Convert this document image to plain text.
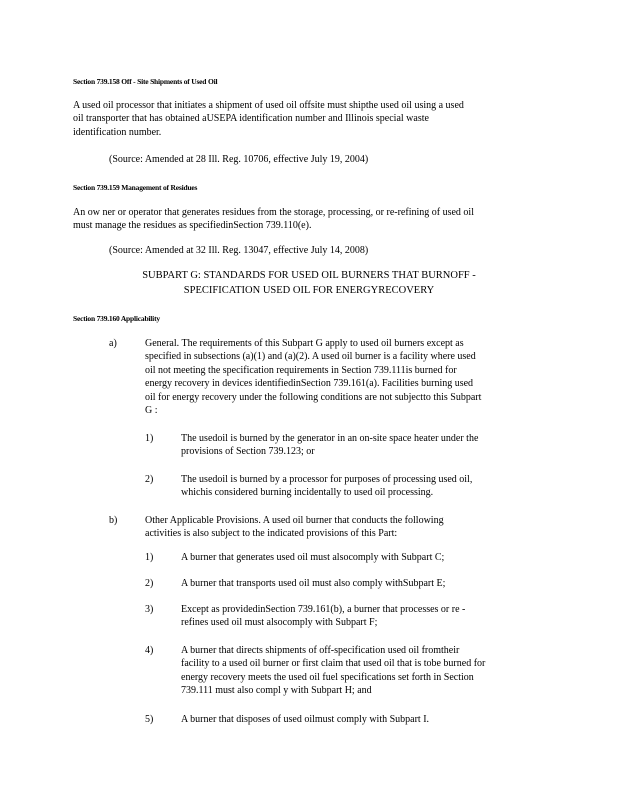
Section 739.158 Off - Site Shipments of Used Oil
A used oil processor that initiates a shipment of used oil offsite must shipthe used oil using a used
oil transporter that has obtained aUSEPA identification number and Illinois special waste
identification number.
(Source: Amended at 28 Ill. Reg. 10706, effective July 19, 2004)
Section 739.159 Management of Residues
An ow ner or operator that generates residues from the storage, processing, or re-refining of used oil
must manage the residues as specifiedinSection 739.110(e).
(Source: Amended at 32 Ill. Reg. 13047, effective July 14, 2008)
SUBPART G: STANDARDS FOR USED OIL BURNERS THAT BURNOFF -
SPECIFICATION USED OIL FOR ENERGYRECOVERY
Section 739.160 Applicability
a)	General. The requirements of this Subpart G apply to used oil burners except as
specified in subsections (a)(1) and (a)(2). A used oil burner is a facility where used
oil not meeting the specification requirements in Section 739.111is burned for
energy recovery in devices identifiedinSection 739.161(a). Facilities burning used
oil for energy recovery under the following conditions are not subjectto this Subpart
G :
1)	The usedoil is burned by the generator in an on-site space heater under the
provisions of Section 739.123; or
2)	The usedoil is burned by a processor for purposes of processing used oil,
whichis considered burning incidentally to used oil processing.
b)	Other Applicable Provisions. A used oil burner that conducts the following
activities is also subject to the indicated provisions of this Part:
1)	A burner that generates used oil must alsocomply with Subpart C;
2)	A burner that transports used oil must also comply withSubpart E;
3)	Except as providedinSection 739.161(b), a burner that processes or re -
refines used oil must alsocomply with Subpart F;
4)	A burner that directs shipments of off-specification used oil fromtheir
facility to a used oil burner or first claim that used oil that is tobe burned for
energy recovery meets the used oil fuel specifications set forth in Section
739.111 must also compl y with Subpart H; and
5)	A burner that disposes of used oilmust comply with Subpart I.
